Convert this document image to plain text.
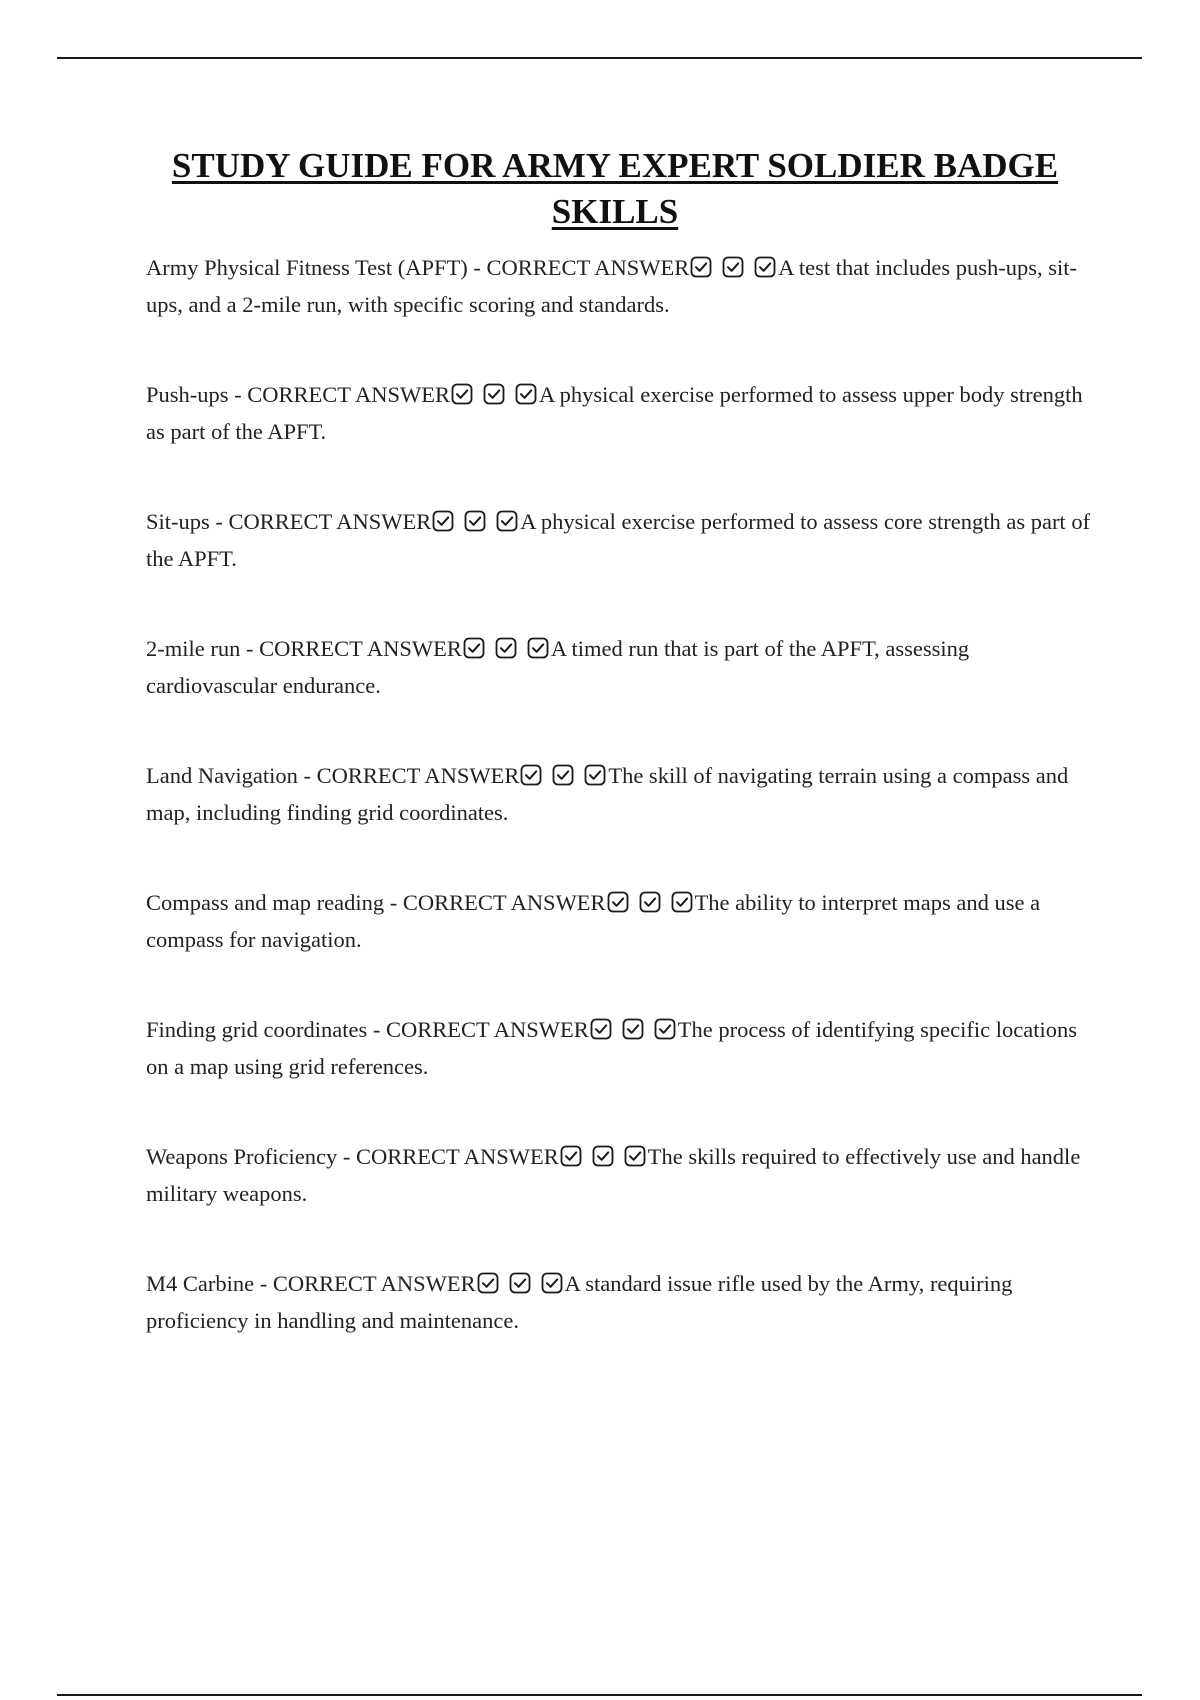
STUDY GUIDE FOR ARMY EXPERT SOLDIER BADGE SKILLS

Army Physical Fitness Test (APFT) - CORRECT ANSWER	A test that includes push-ups, sit-ups, and a 2-mile run, with specific scoring and standards.

Push-ups - CORRECT ANSWER	A physical exercise performed to assess upper body strength as part of the APFT.

Sit-ups - CORRECT ANSWER	A physical exercise performed to assess core strength as part of the APFT.

2-mile run - CORRECT ANSWER	A timed run that is part of the APFT, assessing cardiovascular endurance.

Land Navigation - CORRECT ANSWER	The skill of navigating terrain using a compass and map, including finding grid coordinates.

Compass and map reading - CORRECT ANSWER	The ability to interpret maps and use a compass for navigation.

Finding grid coordinates - CORRECT ANSWER	The process of identifying specific locations on a map using grid references.

Weapons Proficiency - CORRECT ANSWER	The skills required to effectively use and handle military weapons.

M4 Carbine - CORRECT ANSWER	A standard issue rifle used by the Army, requiring proficiency in handling and maintenance.
